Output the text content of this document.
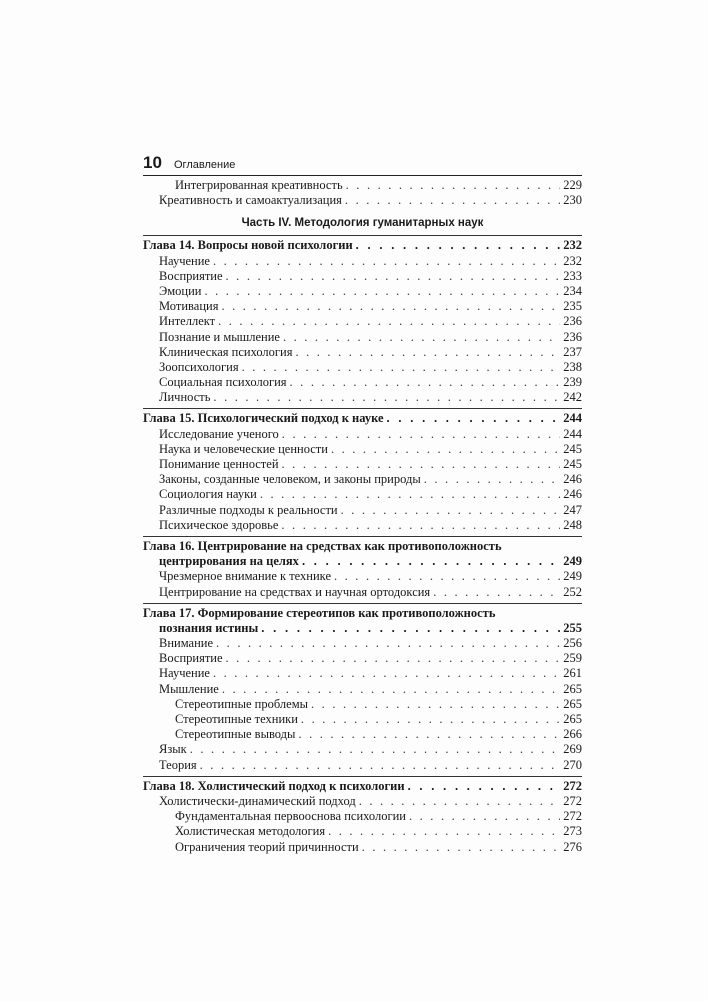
10 Оглавление
Интегрированная креативность . . .	229
Креативность и самоактуализация . . .	230
Часть IV. Методология гуманитарных наук
Глава 14. Вопросы новой психологии . . .	232
Научение . . .	232
Восприятие . . .	233
Эмоции . . .	234
Мотивация . . .	235
Интеллект . . .	236
Познание и мышление . . .	236
Клиническая психология . . .	237
Зоопсихология . . .	238
Социальная психология . . .	239
Личность . . .	242
Глава 15. Психологический подход к науке . . .	244
Исследование ученого . . .	244
Наука и человеческие ценности . . .	245
Понимание ценностей . . .	245
Законы, созданные человеком, и законы природы . . .	246
Социология науки . . .	246
Различные подходы к реальности . . .	247
Психическое здоровье . . .	248
Глава 16. Центрирование на средствах как противоположность
центрирования на целях . . .	249
Чрезмерное внимание к технике . . .	249
Центрирование на средствах и научная ортодоксия . . .	252
Глава 17. Формирование стереотипов как противоположность
познания истины . . .	255
Внимание . . .	256
Восприятие . . .	259
Научение . . .	261
Мышление . . .	265
Стереотипные проблемы . . .	265
Стереотипные техники . . .	265
Стереотипные выводы . . .	266
Язык . . .	269
Теория . . .	270
Глава 18. Холистический подход к психологии . . .	272
Холистически-динамический подход . . .	272
Фундаментальная первооснова психологии . . .	272
Холистическая методология . . .	273
Ограничения теорий причинности . . .	276
